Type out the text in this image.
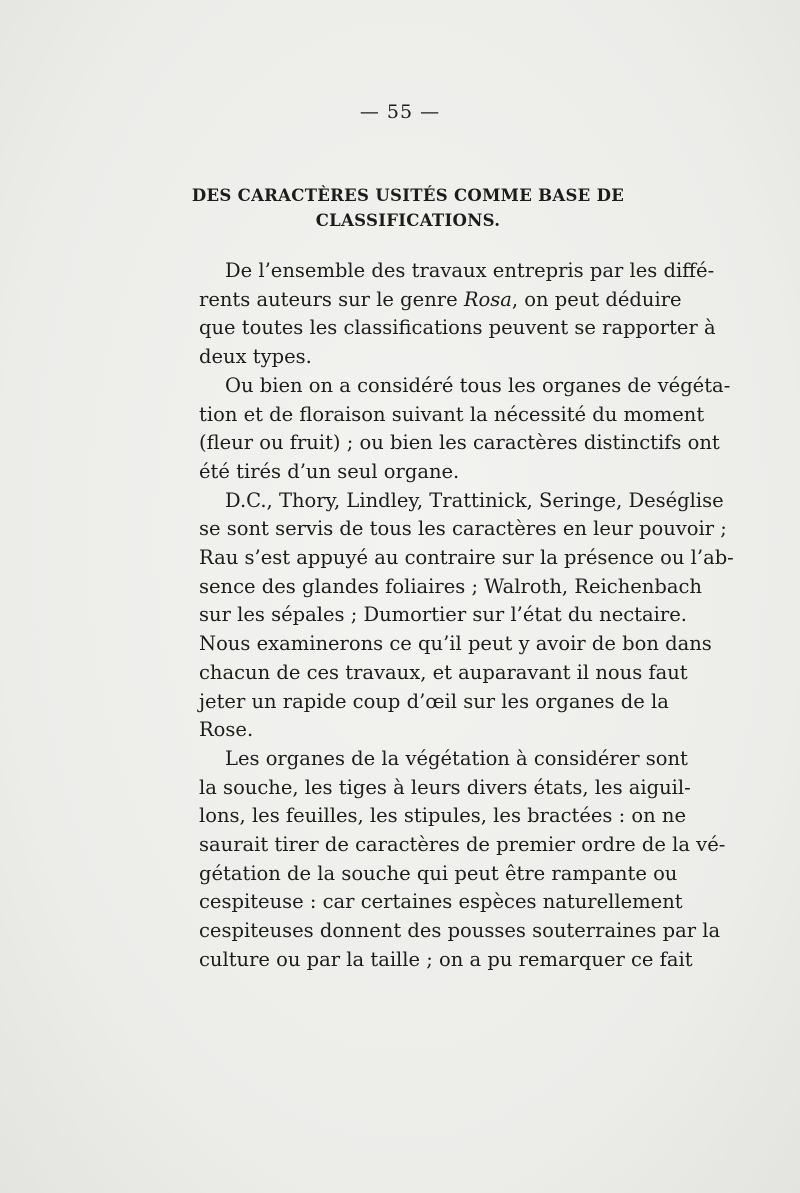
— 55 —
DES CARACTÈRES USITÉS COMME BASE DE
CLASSIFICATIONS.

De l’ensemble des travaux entrepris par les diffé-
rents auteurs sur le genre Rosa, on peut déduire
que toutes les classifications peuvent se rapporter à
deux types.

Ou bien on a considéré tous les organes de végéta-
tion et de floraison suivant la nécessité du moment
(fleur ou fruit) ; ou bien les caractères distinctifs ont
été tirés d’un seul organe.

D.C., Thory, Lindley, Trattinick, Seringe, Deséglise
se sont servis de tous les caractères en leur pouvoir ;
Rau s’est appuyé au contraire sur la présence ou l’ab-
sence des glandes foliaires ; Walroth, Reichenbach
sur les sépales ; Dumortier sur l’état du nectaire.
Nous examinerons ce qu’il peut y avoir de bon dans
chacun de ces travaux, et auparavant il nous faut
jeter un rapide coup d’œil sur les organes de la
Rose.

Les organes de la végétation à considérer sont
la souche, les tiges à leurs divers états, les aiguil-
lons, les feuilles, les stipules, les bractées : on ne
saurait tirer de caractères de premier ordre de la vé-
gétation de la souche qui peut être rampante ou
cespiteuse : car certaines espèces naturellement
cespiteuses donnent des pousses souterraines par la
culture ou par la taille ; on a pu remarquer ce fait
